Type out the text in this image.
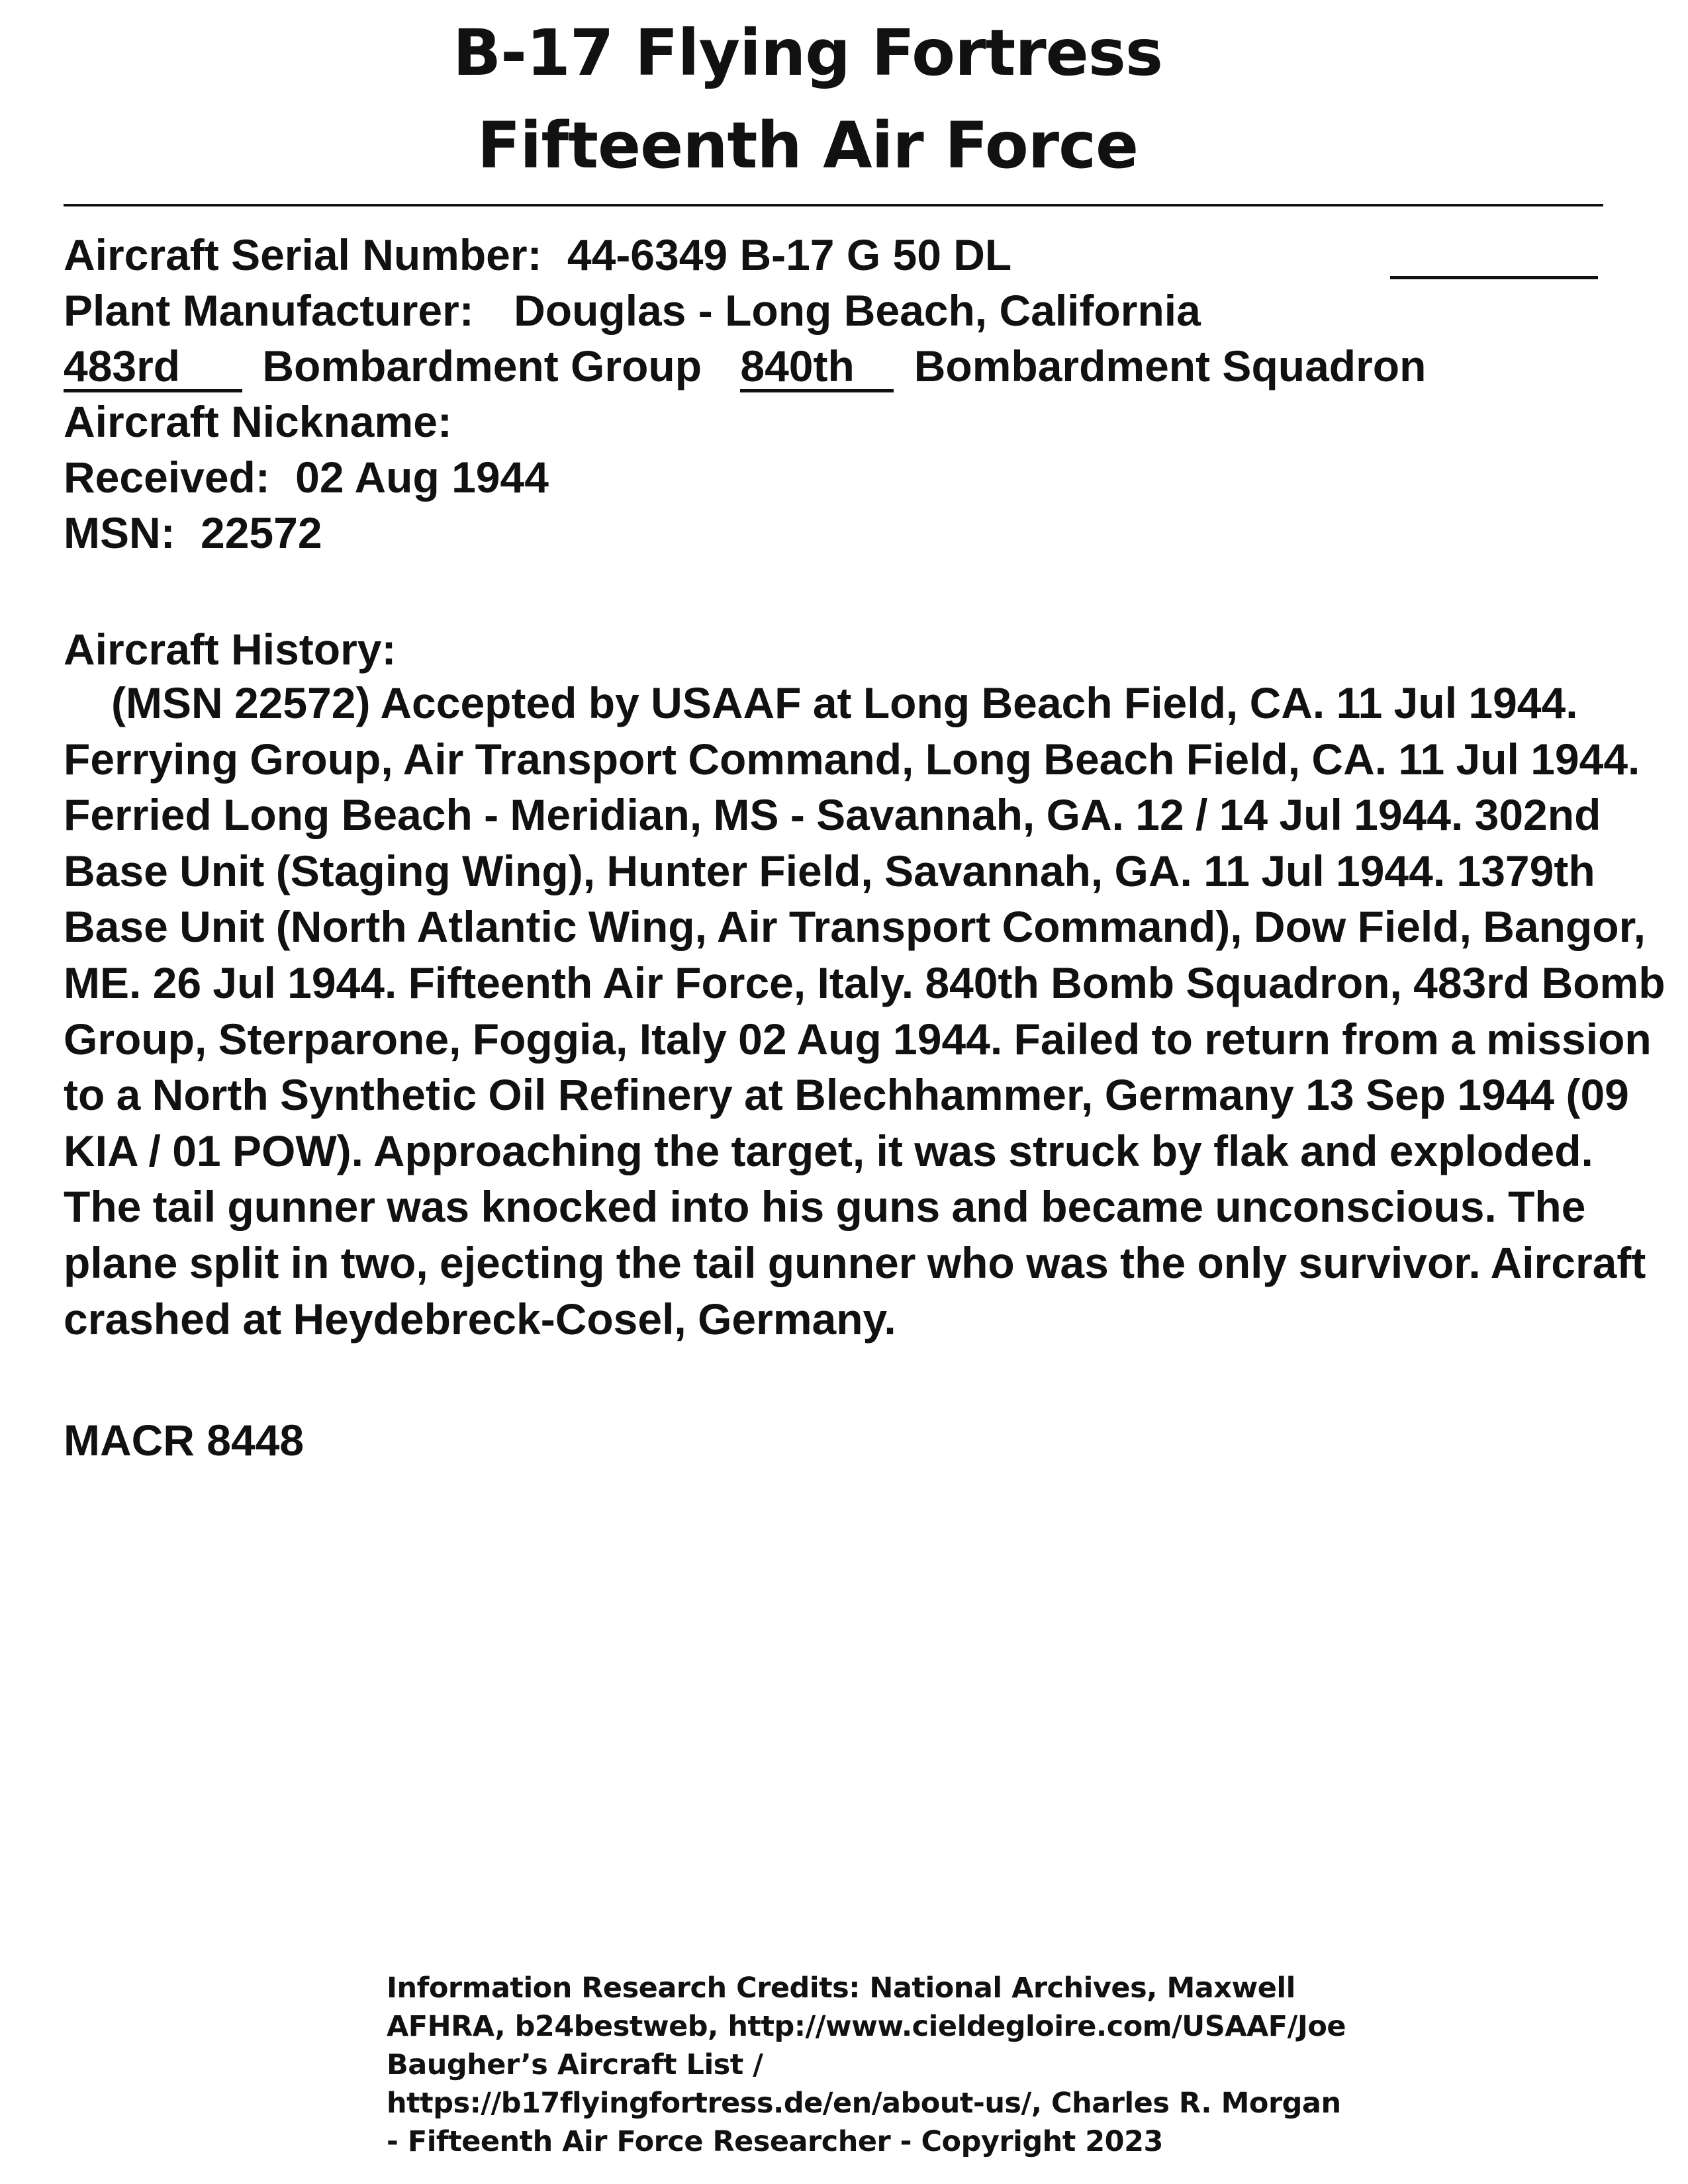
B-17 Flying Fortress
Fifteenth Air Force
Aircraft Serial Number: 44-6349 B-17 G 50 DL
Plant Manufacturer: Douglas - Long Beach, California
483rd Bombardment Group 840th Bombardment Squadron
Aircraft Nickname:
Received: 02 Aug 1944
MSN: 22572
Aircraft History:

(MSN 22572) Accepted by USAAF at Long Beach Field, CA. 11 Jul 1944. Ferrying Group, Air Transport Command, Long Beach Field, CA. 11 Jul 1944. Ferried Long Beach - Meridian, MS - Savannah, GA. 12 / 14 Jul 1944. 302nd Base Unit (Staging Wing), Hunter Field, Savannah, GA. 11 Jul 1944. 1379th Base Unit (North Atlantic Wing, Air Transport Command), Dow Field, Bangor, ME. 26 Jul 1944. Fifteenth Air Force, Italy. 840th Bomb Squadron, 483rd Bomb Group, Sterparone, Foggia, Italy 02 Aug 1944. Failed to return from a mission to a North Synthetic Oil Refinery at Blechhammer, Germany 13 Sep 1944 (09 KIA / 01 POW). Approaching the target, it was struck by flak and exploded. The tail gunner was knocked into his guns and became unconscious. The plane split in two, ejecting the tail gunner who was the only survivor. Aircraft crashed at Heydebreck-Cosel, Germany.

MACR 8448

Information Research Credits: National Archives, Maxwell AFHRA, b24bestweb, http://www.cieldegloire.com/USAAF/Joe Baugher’s Aircraft List / https://b17flyingfortress.de/en/about-us/, Charles R. Morgan - Fifteenth Air Force Researcher - Copyright 2023
